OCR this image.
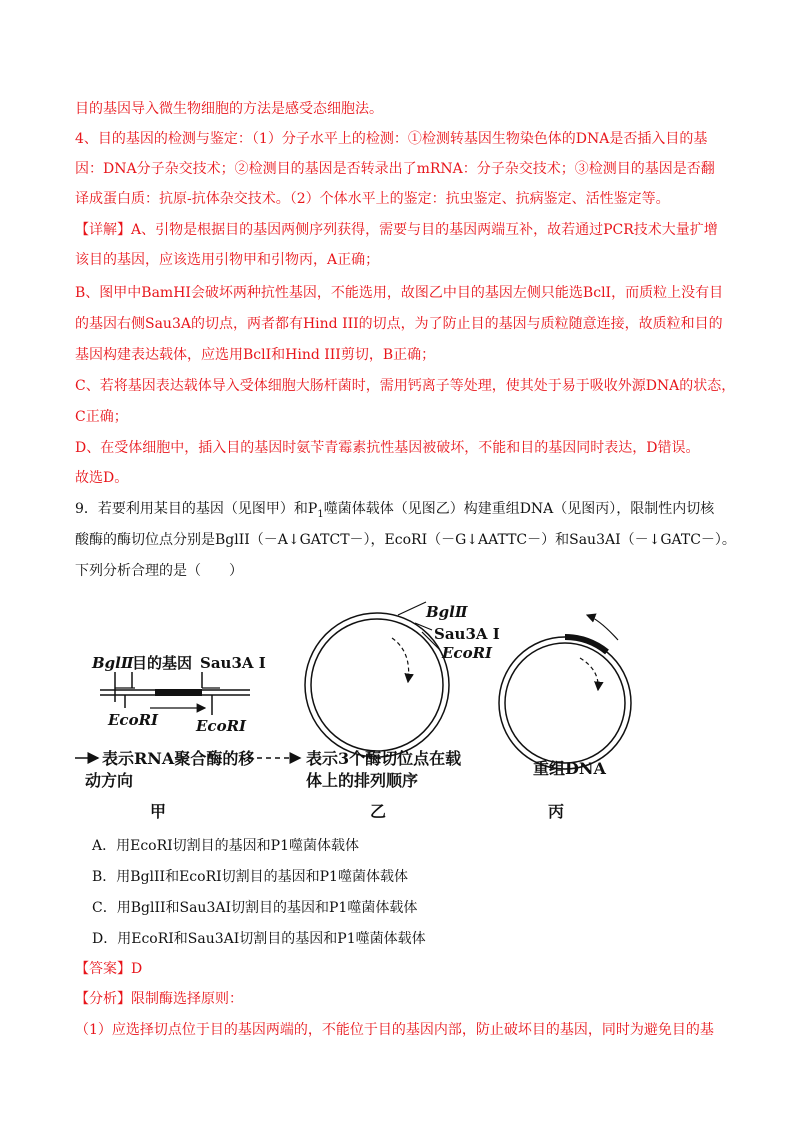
目的基因导入微生物细胞的方法是感受态细胞法。
4、目的基因的检测与鉴定：（1）分子水平上的检测：①检测转基因生物染色体的DNA是否插入目的基
因：DNA分子杂交技术；②检测目的基因是否转录出了mRNA：分子杂交技术；③检测目的基因是否翻
译成蛋白质：抗原-抗体杂交技术。（2）个体水平上的鉴定：抗虫鉴定、抗病鉴定、活性鉴定等。
【详解】A、引物是根据目的基因两侧序列获得，需要与目的基因两端互补，故若通过PCR技术大量扩增
该目的基因，应该选用引物甲和引物丙，A正确；
B、图甲中BamHI会破坏两种抗性基因，不能选用，故图乙中目的基因左侧只能选BclI，而质粒上没有目
的基因右侧Sau3A的切点，两者都有Hind III的切点，为了防止目的基因与质粒随意连接，故质粒和目的
基因构建表达载体，应选用BclI和Hind III剪切，B正确；
C、若将基因表达载体导入受体细胞大肠杆菌时，需用钙离子等处理，使其处于易于吸收外源DNA的状态，
C正确；
D、在受体细胞中，插入目的基因时氨苄青霉素抗性基因被破坏，不能和目的基因同时表达，D错误。
故选D。
9．若要利用某目的基因（见图甲）和$P_1$噬菌体载体（见图乙）构建重组DNA（见图丙），限制性内切核
酸酶的酶切位点分别是BglII（－A↓GATCT－），EcoRI（－G↓AATTC－）和Sau3AI（－↓GATC－）。
下列分析合理的是（　　）
BglⅡ
目的基因 Sau3A I
EcoRI	EcoRI
表示RNA聚合酶的移
动方向
甲
BglⅡ
Sau3A I
EcoRI
表示3个酶切位点在载
体上的排列顺序
乙
重组DNA
丙
A．用EcoRI切割目的基因和P1噬菌体载体
B．用BglII和EcoRI切割目的基因和P1噬菌体载体
C．用BglII和Sau3AI切割目的基因和P1噬菌体载体
D．用EcoRI和Sau3AI切割目的基因和P1噬菌体载体
【答案】D
【分析】限制酶选择原则：
（1）应选择切点位于目的基因两端的，不能位于目的基因内部，防止破坏目的基因，同时为避免目的基
